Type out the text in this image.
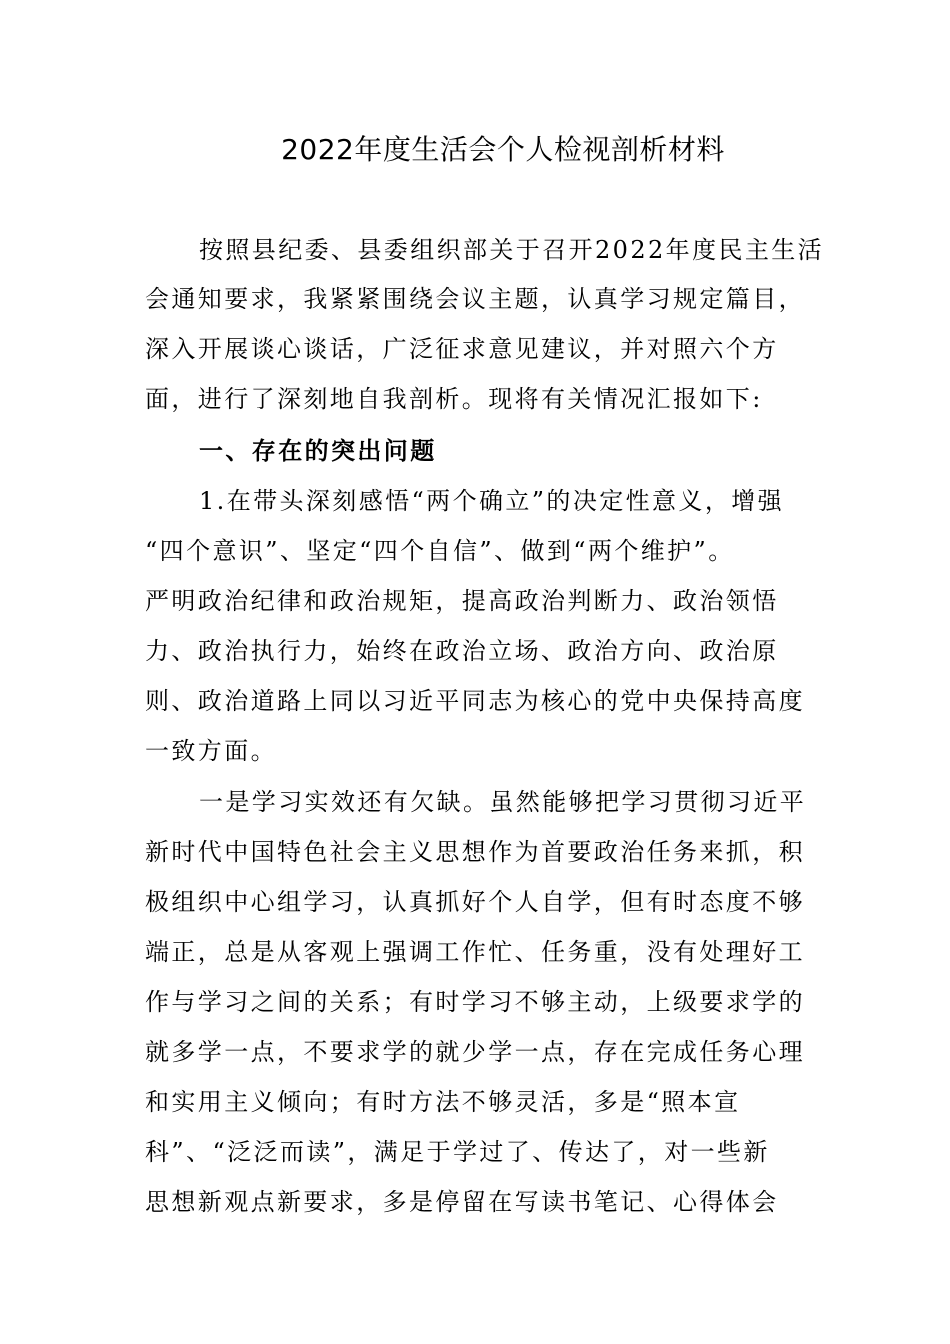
2022年度生活会个人检视剖析材料
按照县纪委、县委组织部关于召开2022年度民主生活
会通知要求，我紧紧围绕会议主题，认真学习规定篇目，
深入开展谈心谈话，广泛征求意见建议，并对照六个方
面，进行了深刻地自我剖析。现将有关情况汇报如下:
一、存在的突出问题
1.在带头深刻感悟“两个确立”的决定性意义，增强
“四个意识”、坚定“四个自信”、做到“两个维护”。
严明政治纪律和政治规矩，提高政治判断力、政治领悟
力、政治执行力，始终在政治立场、政治方向、政治原
则、政治道路上同以习近平同志为核心的党中央保持高度
一致方面。
一是学习实效还有欠缺。虽然能够把学习贯彻习近平
新时代中国特色社会主义思想作为首要政治任务来抓，积
极组织中心组学习，认真抓好个人自学，但有时态度不够
端正，总是从客观上强调工作忙、任务重，没有处理好工
作与学习之间的关系；有时学习不够主动，上级要求学的
就多学一点，不要求学的就少学一点，存在完成任务心理
和实用主义倾向；有时方法不够灵活，多是“照本宣
科”、“泛泛而读”，满足于学过了、传达了，对一些新
思想新观点新要求，多是停留在写读书笔记、心得体会
